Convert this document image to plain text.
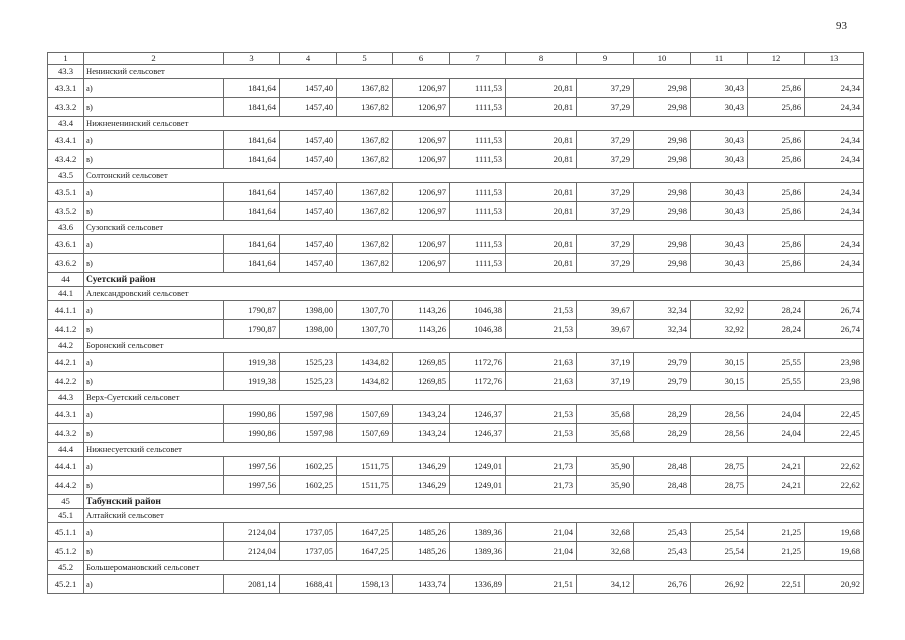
93
1	2	3	4	5	6	7	8	9	10	11	12	13
43.3	Ненинский сельсовет											
43.3.1	а)	1841,64	1457,40	1367,82	1206,97	1111,53	20,81	37,29	29,98	30,43	25,86	24,34
43.3.2	в)	1841,64	1457,40	1367,82	1206,97	1111,53	20,81	37,29	29,98	30,43	25,86	24,34
43.4	Нижнененинский сельсовет											
43.4.1	а)	1841,64	1457,40	1367,82	1206,97	1111,53	20,81	37,29	29,98	30,43	25,86	24,34
43.4.2	в)	1841,64	1457,40	1367,82	1206,97	1111,53	20,81	37,29	29,98	30,43	25,86	24,34
43.5	Солтонский сельсовет											
43.5.1	а)	1841,64	1457,40	1367,82	1206,97	1111,53	20,81	37,29	29,98	30,43	25,86	24,34
43.5.2	в)	1841,64	1457,40	1367,82	1206,97	1111,53	20,81	37,29	29,98	30,43	25,86	24,34
43.6	Сузопский сельсовет											
43.6.1	а)	1841,64	1457,40	1367,82	1206,97	1111,53	20,81	37,29	29,98	30,43	25,86	24,34
43.6.2	в)	1841,64	1457,40	1367,82	1206,97	1111,53	20,81	37,29	29,98	30,43	25,86	24,34
44	Суетский район											
44.1	Александровский сельсовет											
44.1.1	а)	1790,87	1398,00	1307,70	1143,26	1046,38	21,53	39,67	32,34	32,92	28,24	26,74
44.1.2	в)	1790,87	1398,00	1307,70	1143,26	1046,38	21,53	39,67	32,34	32,92	28,24	26,74
44.2	Боронский сельсовет											
44.2.1	а)	1919,38	1525,23	1434,82	1269,85	1172,76	21,63	37,19	29,79	30,15	25,55	23,98
44.2.2	в)	1919,38	1525,23	1434,82	1269,85	1172,76	21,63	37,19	29,79	30,15	25,55	23,98
44.3	Верх-Суетский сельсовет											
44.3.1	а)	1990,86	1597,98	1507,69	1343,24	1246,37	21,53	35,68	28,29	28,56	24,04	22,45
44.3.2	в)	1990,86	1597,98	1507,69	1343,24	1246,37	21,53	35,68	28,29	28,56	24,04	22,45
44.4	Нижнесуетский сельсовет											
44.4.1	а)	1997,56	1602,25	1511,75	1346,29	1249,01	21,73	35,90	28,48	28,75	24,21	22,62
44.4.2	в)	1997,56	1602,25	1511,75	1346,29	1249,01	21,73	35,90	28,48	28,75	24,21	22,62
45	Табунский район											
45.1	Алтайский сельсовет											
45.1.1	а)	2124,04	1737,05	1647,25	1485,26	1389,36	21,04	32,68	25,43	25,54	21,25	19,68
45.1.2	в)	2124,04	1737,05	1647,25	1485,26	1389,36	21,04	32,68	25,43	25,54	21,25	19,68
45.2	Большеромановский сельсовет											
45.2.1	а)	2081,14	1688,41	1598,13	1433,74	1336,89	21,51	34,12	26,76	26,92	22,51	20,92
